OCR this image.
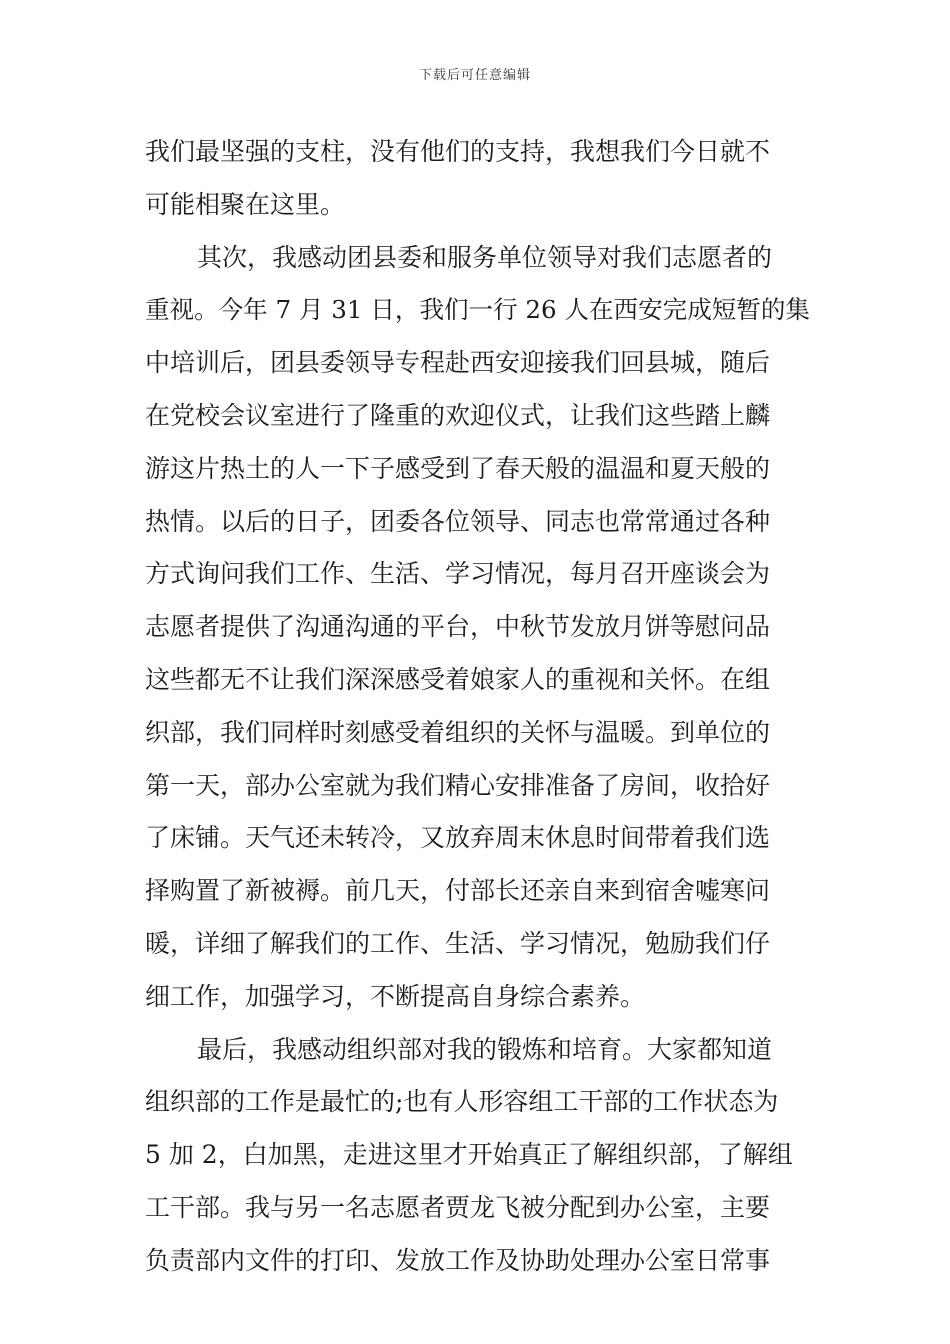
下载后可任意编辑
我们最坚强的支柱，没有他们的支持，我想我们今日就不
可能相聚在这里。
其次，我感动团县委和服务单位领导对我们志愿者的
重视。今年 7 月 31 日，我们一行 26 人在西安完成短暂的集
中培训后，团县委领导专程赴西安迎接我们回县城，随后
在党校会议室进行了隆重的欢迎仪式，让我们这些踏上麟
游这片热土的人一下子感受到了春天般的温温和夏天般的
热情。以后的日子，团委各位领导、同志也常常通过各种
方式询问我们工作、生活、学习情况，每月召开座谈会为
志愿者提供了沟通沟通的平台，中秋节发放月饼等慰问品
这些都无不让我们深深感受着娘家人的重视和关怀。在组
织部，我们同样时刻感受着组织的关怀与温暖。到单位的
第一天，部办公室就为我们精心安排准备了房间，收拾好
了床铺。天气还未转冷，又放弃周末休息时间带着我们选
择购置了新被褥。前几天，付部长还亲自来到宿舍嘘寒问
暖，详细了解我们的工作、生活、学习情况，勉励我们仔
细工作，加强学习，不断提高自身综合素养。
最后，我感动组织部对我的锻炼和培育。大家都知道
组织部的工作是最忙的;也有人形容组工干部的工作状态为
5 加 2，白加黑，走进这里才开始真正了解组织部，了解组
工干部。我与另一名志愿者贾龙飞被分配到办公室，主要
负责部内文件的打印、发放工作及协助处理办公室日常事
